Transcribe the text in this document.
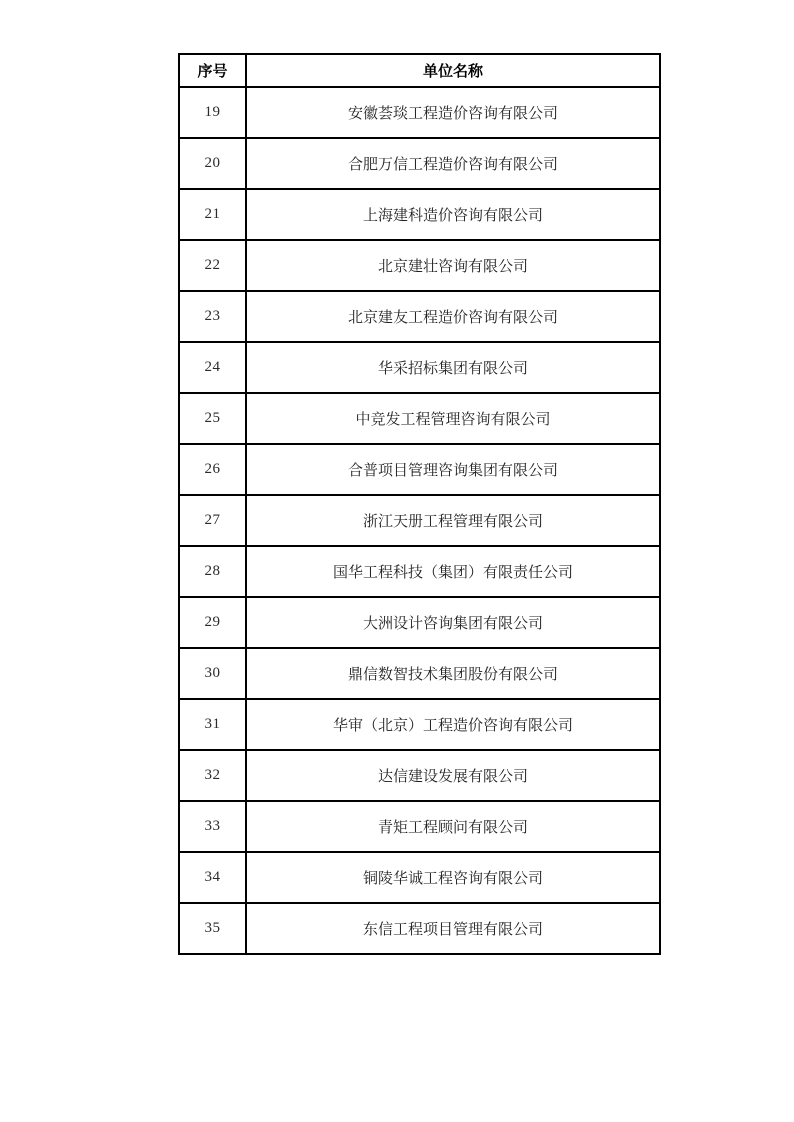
序号	单位名称
19	安徽荟琰工程造价咨询有限公司
20	合肥万信工程造价咨询有限公司
21	上海建科造价咨询有限公司
22	北京建壮咨询有限公司
23	北京建友工程造价咨询有限公司
24	华采招标集团有限公司
25	中竞发工程管理咨询有限公司
26	合普项目管理咨询集团有限公司
27	浙江天册工程管理有限公司
28	国华工程科技（集团）有限责任公司
29	大洲设计咨询集团有限公司
30	鼎信数智技术集团股份有限公司
31	华审（北京）工程造价咨询有限公司
32	达信建设发展有限公司
33	青矩工程顾问有限公司
34	铜陵华诚工程咨询有限公司
35	东信工程项目管理有限公司
